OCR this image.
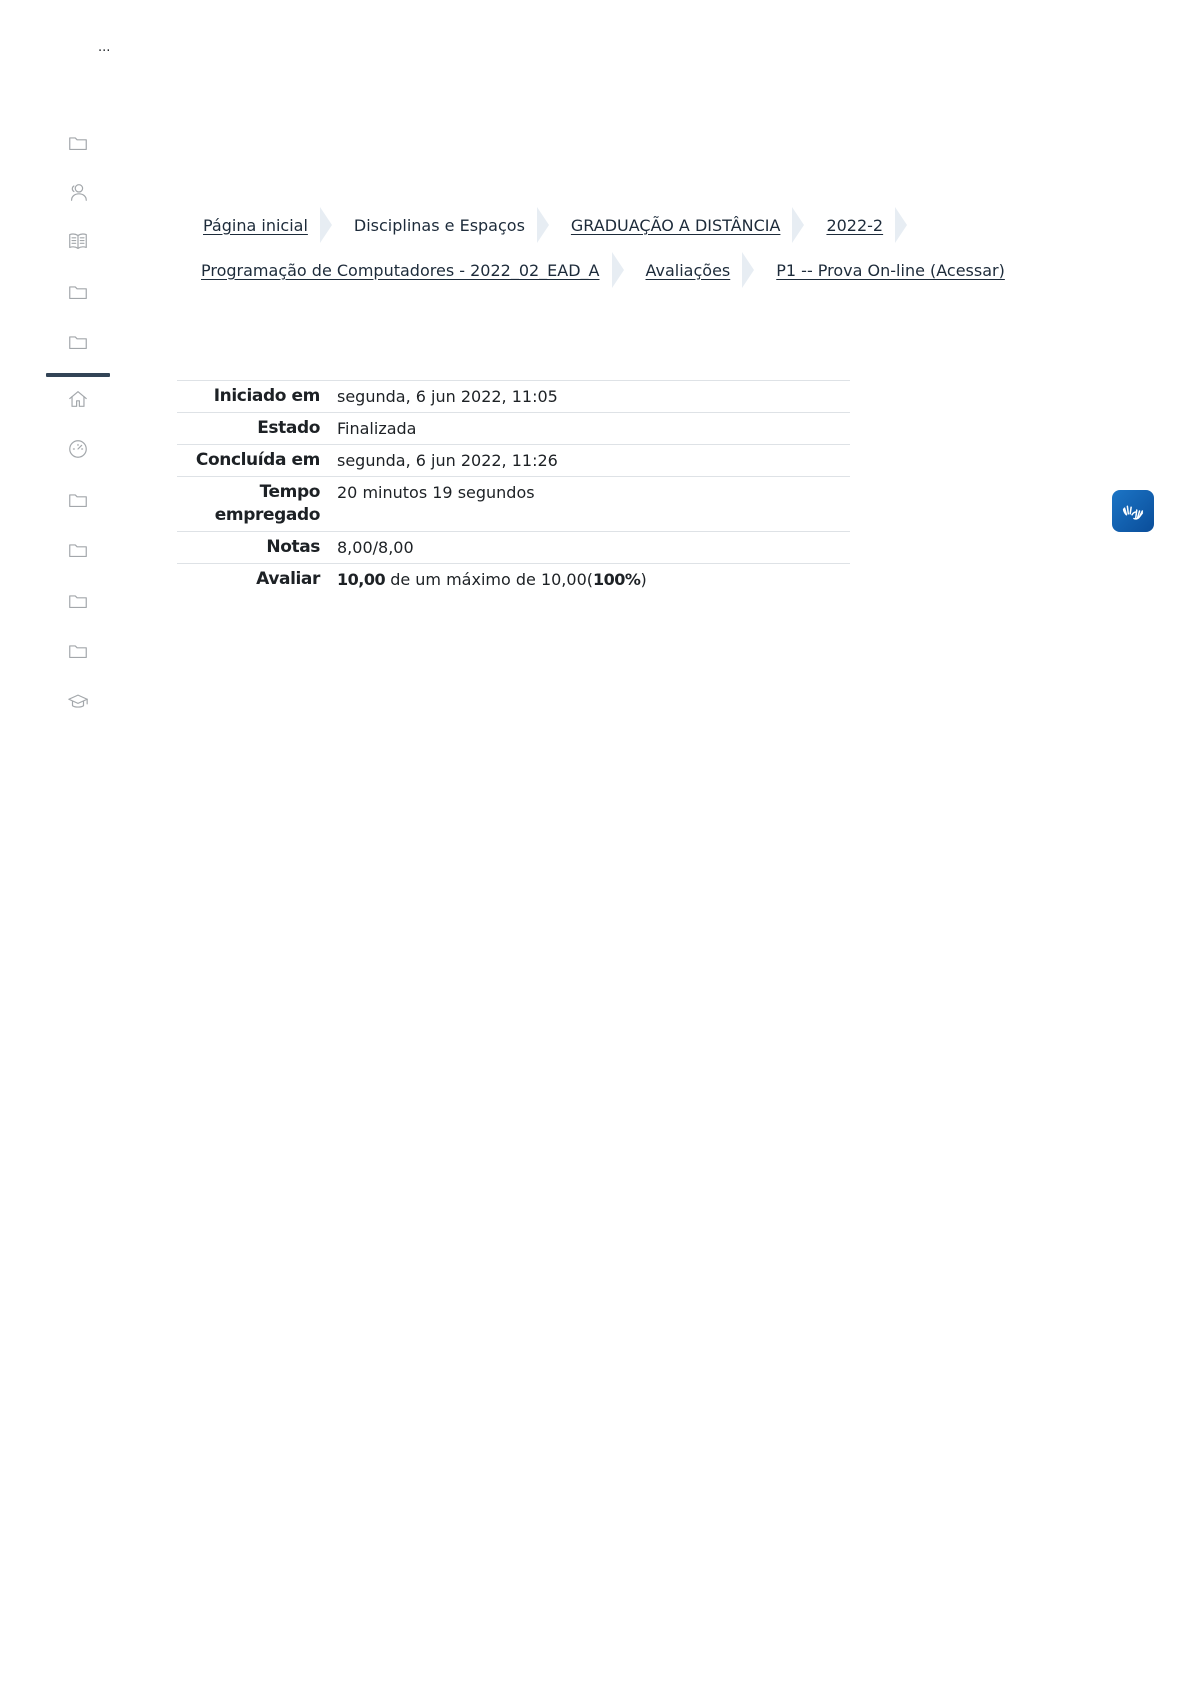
...
Página inicial	Disciplinas e Espaços	GRADUAÇÃO A DISTÂNCIA	2022-2
Programação de Computadores - 2022_02_EAD_A	Avaliações	P1 -- Prova On-line (Acessar)
Iniciado em	segunda, 6 jun 2022, 11:05
Estado	Finalizada
Concluída em	segunda, 6 jun 2022, 11:26
Tempo empregado	20 minutos 19 segundos
Notas	8,00/8,00
Avaliar	10,00 de um máximo de 10,00(100%)
